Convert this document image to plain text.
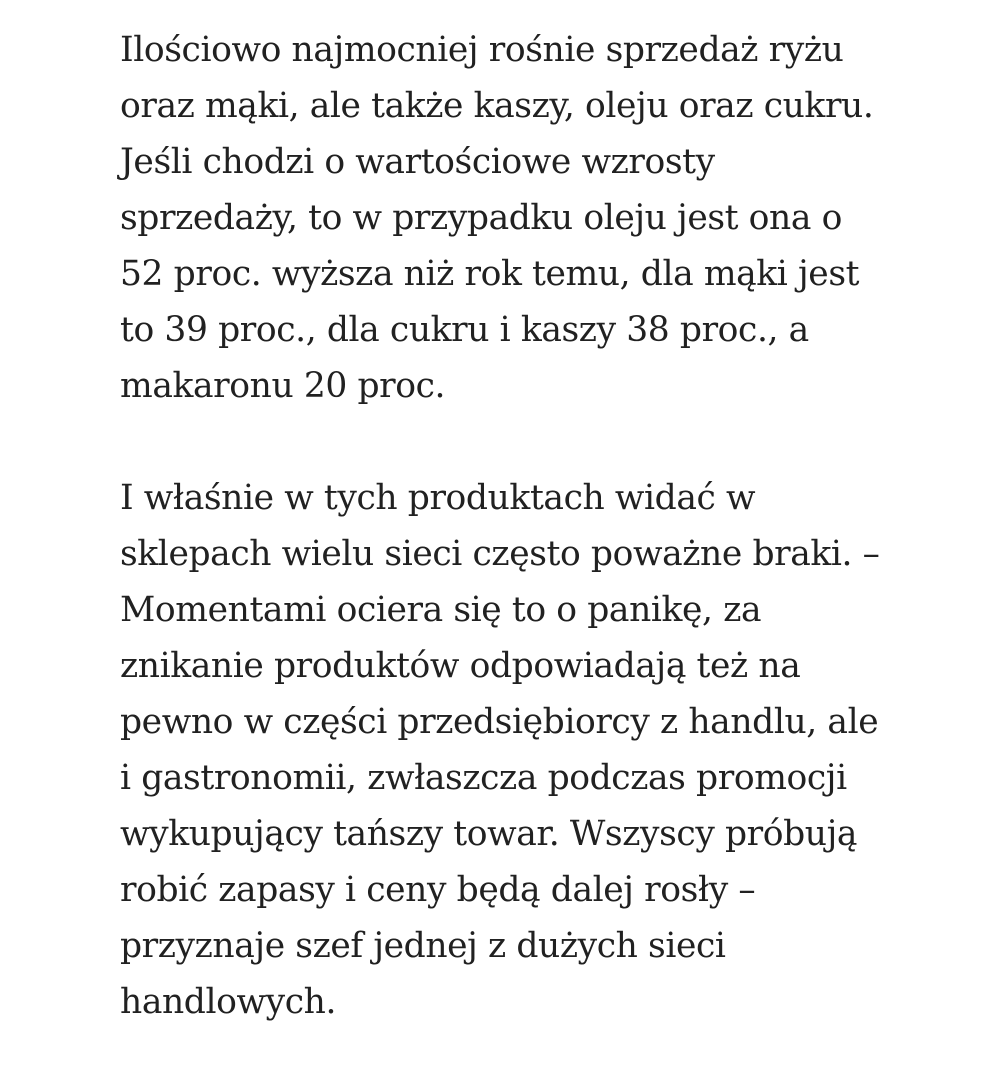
Ilościowo najmocniej rośnie sprzedaż ryżu
oraz mąki, ale także kaszy, oleju oraz cukru.
Jeśli chodzi o wartościowe wzrosty
sprzedaży, to w przypadku oleju jest ona o
52 proc. wyższa niż rok temu, dla mąki jest
to 39 proc., dla cukru i kaszy 38 proc., a
makaronu 20 proc.

I właśnie w tych produktach widać w
sklepach wielu sieci często poważne braki. –
Momentami ociera się to o panikę, za
znikanie produktów odpowiadają też na
pewno w części przedsiębiorcy z handlu, ale
i gastronomii, zwłaszcza podczas promocji
wykupujący tańszy towar. Wszyscy próbują
robić zapasy i ceny będą dalej rosły –
przyznaje szef jednej z dużych sieci
handlowych.
